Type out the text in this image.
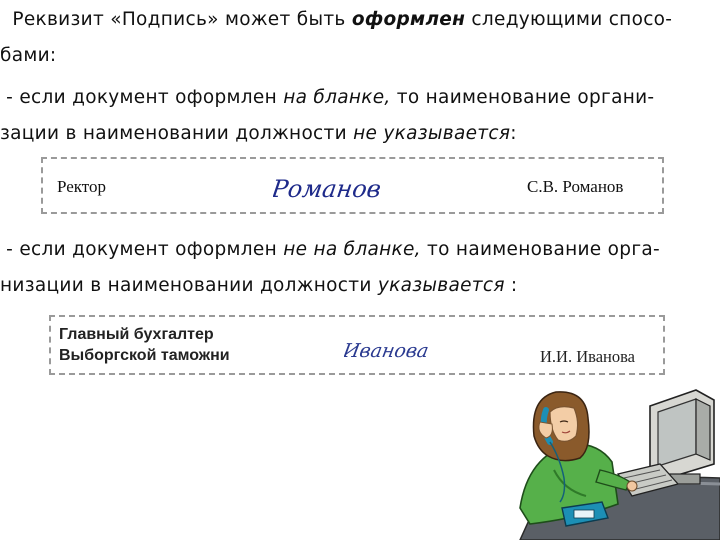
Реквизит «Подпись» может быть оформлен следующими спосо-
бами:

- если документ оформлен на бланке, то наименование органи-
зации в наименовании должности не указывается:

Ректор	Романов	С.В. Романов

- если документ оформлен не на бланке, то наименование орга-
низации в наименовании должности указывается :

Главный бухгалтер
Выборгской таможни	Иванова	И.И. Иванова
